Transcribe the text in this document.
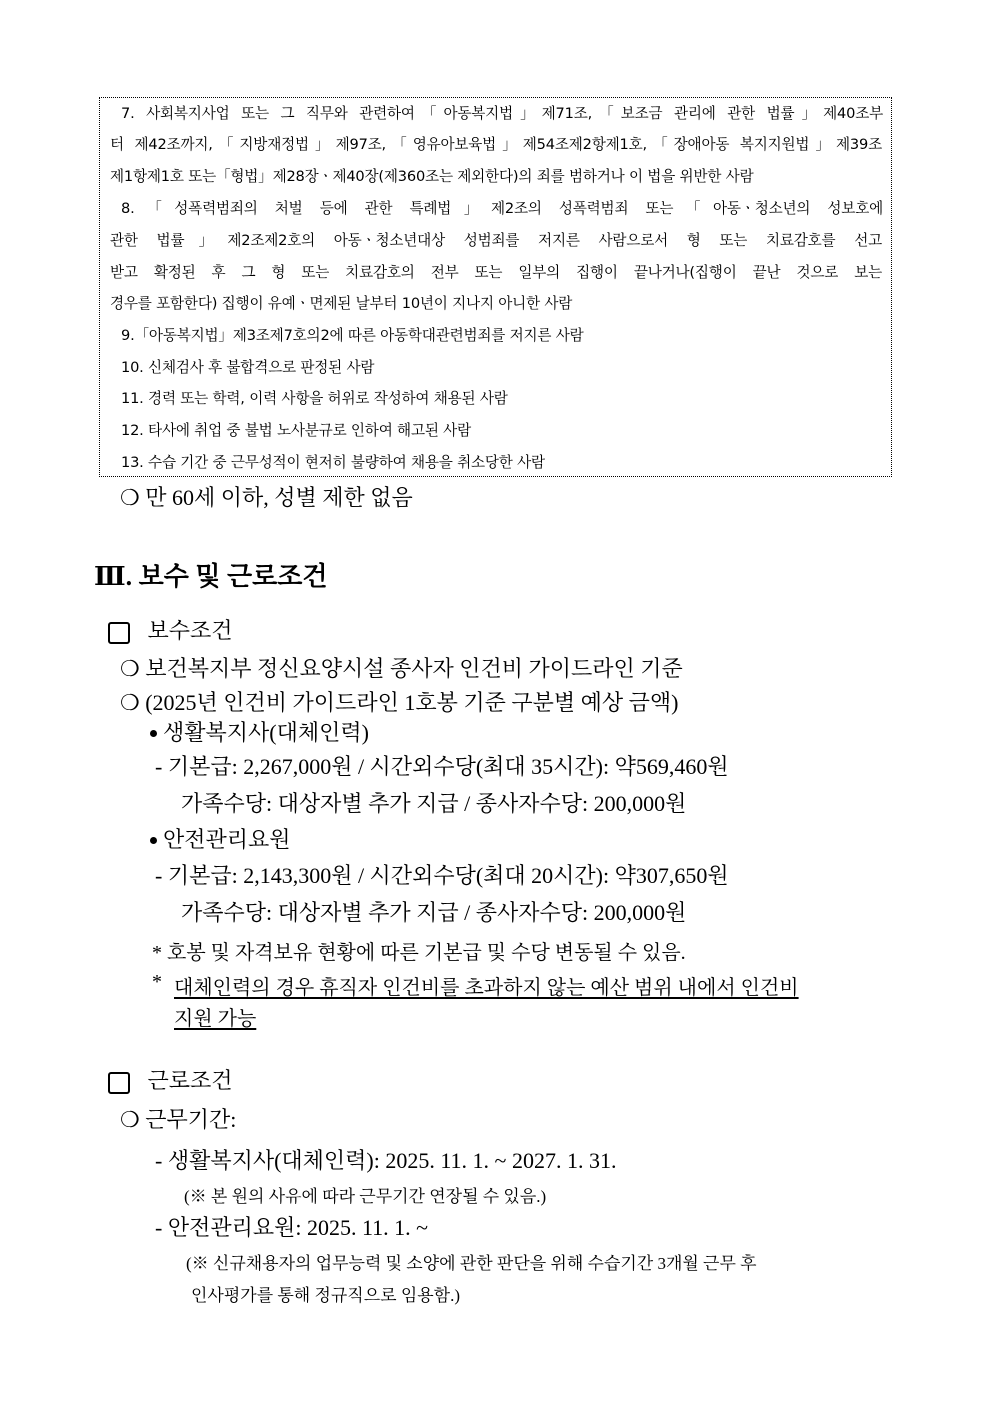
7. 사회복지사업 또는 그 직무와 관련하여「아동복지법」제71조,「보조금 관리에 관한 법률」제40조부
터 제42조까지,「지방재정법」제97조,「영유아보육법」제54조제2항제1호,「장애아동 복지지원법」제39조
제1항제1호 또는「형법」제28장ㆍ제40장(제360조는 제외한다)의 죄를 범하거나 이 법을 위반한 사람
8.「성폭력범죄의 처벌 등에 관한 특례법」제2조의 성폭력범죄 또는「아동ㆍ청소년의 성보호에
관한 법률」제2조제2호의 아동ㆍ청소년대상 성범죄를 저지른 사람으로서 형 또는 치료감호를 선고
받고 확정된 후 그 형 또는 치료감호의 전부 또는 일부의 집행이 끝나거나(집행이 끝난 것으로 보는
경우를 포함한다) 집행이 유예ㆍ면제된 날부터 10년이 지나지 아니한 사람
9.「아동복지법」제3조제7호의2에 따른 아동학대관련범죄를 저지른 사람
10. 신체검사 후 불합격으로 판정된 사람
11. 경력 또는 학력, 이력 사항을 허위로 작성하여 채용된 사람
12. 타사에 취업 중 불법 노사분규로 인하여 해고된 사람
13. 수습 기간 중 근무성적이 현저히 불량하여 채용을 취소당한 사람
❍ 만 60세 이하, 성별 제한 없음
Ⅲ. 보수 및 근로조건
보수조건
❍ 보건복지부 정신요양시설 종사자 인건비 가이드라인 기준
❍ (2025년 인건비 가이드라인 1호봉 기준 구분별 예상 금액)
생활복지사(대체인력)
- 기본급: 2,267,000원 / 시간외수당(최대 35시간): 약569,460원
가족수당: 대상자별 추가 지급 / 종사자수당: 200,000원
안전관리요원
- 기본급: 2,143,300원 / 시간외수당(최대 20시간): 약307,650원
가족수당: 대상자별 추가 지급 / 종사자수당: 200,000원
* 호봉 및 자격보유 현황에 따른 기본급 및 수당 변동될 수 있음.
* 대체인력의 경우 휴직자 인건비를 초과하지 않는 예산 범위 내에서 인건비
지원 가능
근로조건
❍ 근무기간:
- 생활복지사(대체인력): 2025. 11. 1. ~ 2027. 1. 31.
(※ 본 원의 사유에 따라 근무기간 연장될 수 있음.)
- 안전관리요원: 2025. 11. 1. ~
(※ 신규채용자의 업무능력 및 소양에 관한 판단을 위해 수습기간 3개월 근무 후
인사평가를 통해 정규직으로 임용함.)
